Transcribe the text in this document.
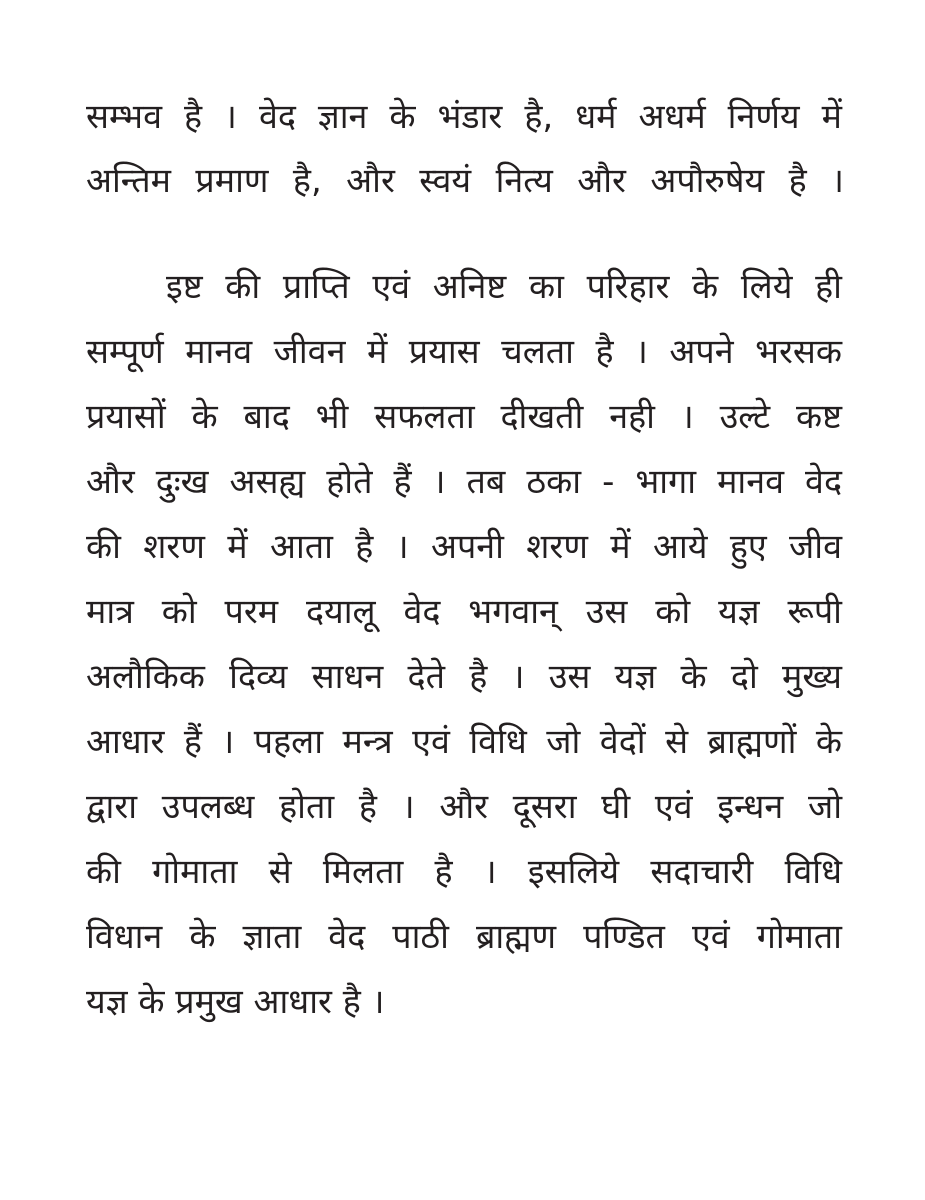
सम्भव है । वेद ज्ञान के भंडार है, धर्म अधर्म निर्णय में
अन्तिम प्रमाण है, और स्वयं नित्य और अपौरुषेय है ।
इष्ट की प्राप्ति एवं अनिष्ट का परिहार के लिये ही
सम्पूर्ण मानव जीवन में प्रयास चलता है । अपने भरसक
प्रयासों के बाद भी सफलता दीखती नही । उल्टे कष्ट
और दुःख असह्य होते हैं । तब ठका - भागा मानव वेद
की शरण में आता है । अपनी शरण में आये हुए जीव
मात्र को परम दयालू वेद भगवान् उस को यज्ञ रूपी
अलौकिक दिव्य साधन देते है । उस यज्ञ के दो मुख्य
आधार हैं । पहला मन्त्र एवं विधि जो वेदों से ब्राह्मणों के
द्वारा उपलब्ध होता है । और दूसरा घी एवं इन्धन जो
की गोमाता से मिलता है । इसलिये सदाचारी विधि
विधान के ज्ञाता वेद पाठी ब्राह्मण पण्डित एवं गोमाता
यज्ञ के प्रमुख आधार है ।
